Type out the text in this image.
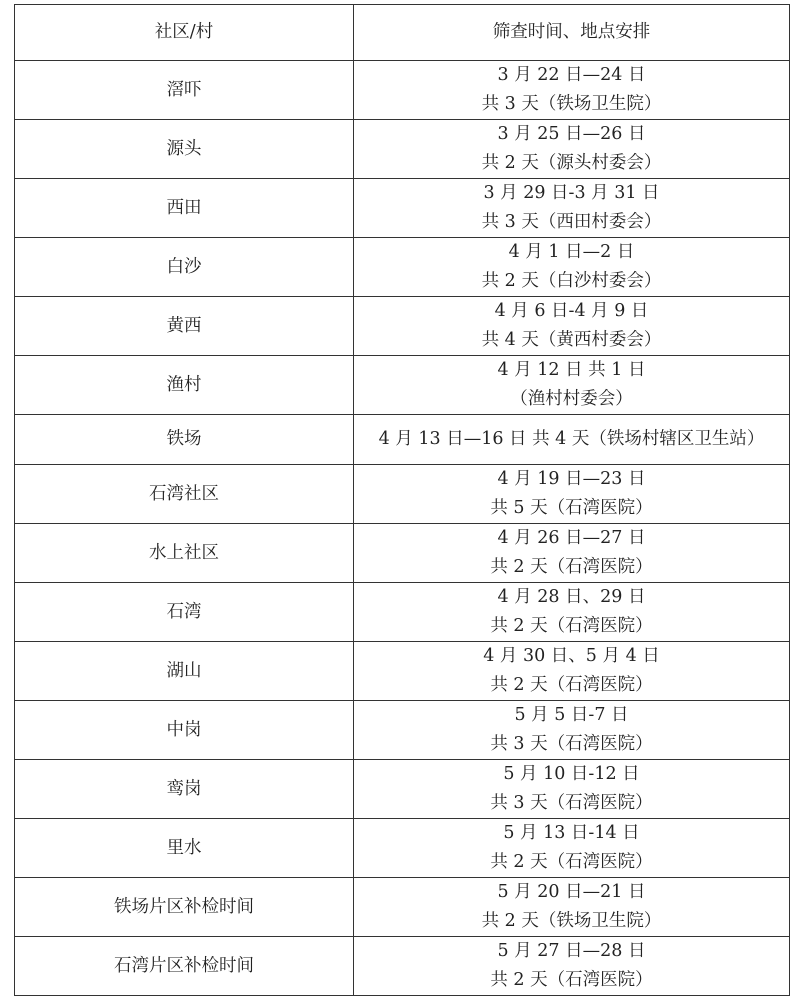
社区/村	筛查时间、地点安排
滘吓	3 月 22 日—24 日
共 3 天（铁场卫生院）

源头	3 月 25 日—26 日
共 2 天（源头村委会）

西田	3 月 29 日-3 月 31 日
共 3 天（西田村委会）

白沙	4 月 1 日—2 日
共 2 天（白沙村委会）

黄西	4 月 6 日-4 月 9 日
共 4 天（黄西村委会）

渔村	4 月 12 日 共 1 日
（渔村村委会）

铁场	4 月 13 日—16 日 共 4 天（铁场村辖区卫生站）

石湾社区	4 月 19 日—23 日
共 5 天（石湾医院）

水上社区	4 月 26 日—27 日
共 2 天（石湾医院）

石湾	4 月 28 日、29 日
共 2 天（石湾医院）

湖山	4 月 30 日、5 月 4 日
共 2 天（石湾医院）

中岗	5 月 5 日-7 日
共 3 天（石湾医院）

鸾岗	5 月 10 日-12 日
共 3 天（石湾医院）

里水	5 月 13 日-14 日
共 2 天（石湾医院）

铁场片区补检时间	5 月 20 日—21 日
共 2 天（铁场卫生院）

石湾片区补检时间	5 月 27 日—28 日
共 2 天（石湾医院）
